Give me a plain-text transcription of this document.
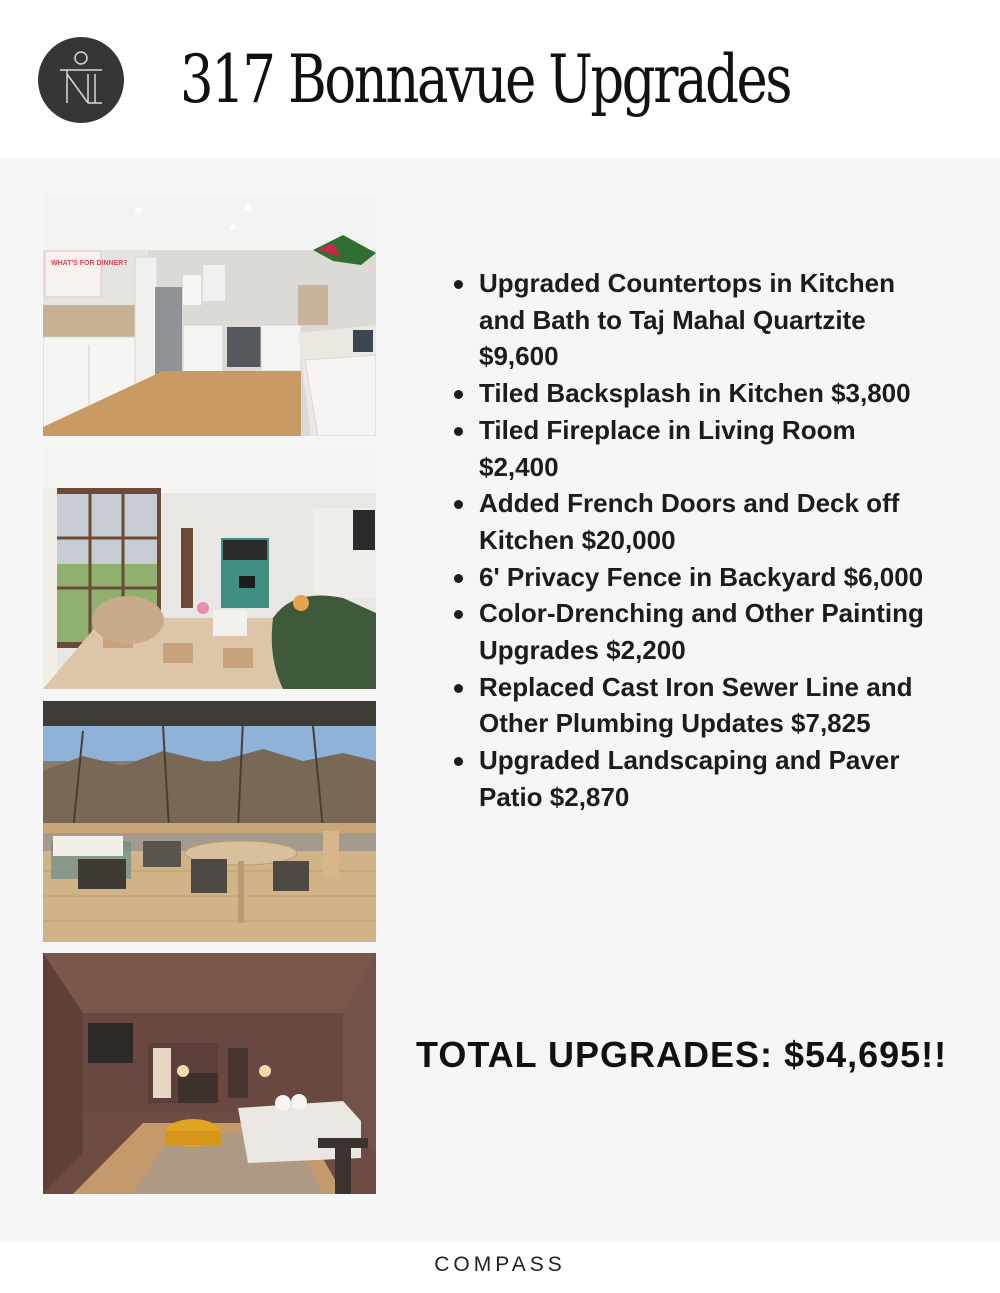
317 Bonnavue Upgrades
WHAT'S FOR DINNER?
Upgraded Countertops in Kitchen and Bath to Taj Mahal Quartzite $9,600
Tiled Backsplash in Kitchen $3,800
Tiled Fireplace in Living Room $2,400
Added French Doors and Deck off Kitchen $20,000
6' Privacy Fence in Backyard $6,000
Color-Drenching and Other Painting Upgrades $2,200
Replaced Cast Iron Sewer Line and Other Plumbing Updates $7,825
Upgraded Landscaping and Paver Patio $2,870

TOTAL UPGRADES: $54,695!!

COMPASS
